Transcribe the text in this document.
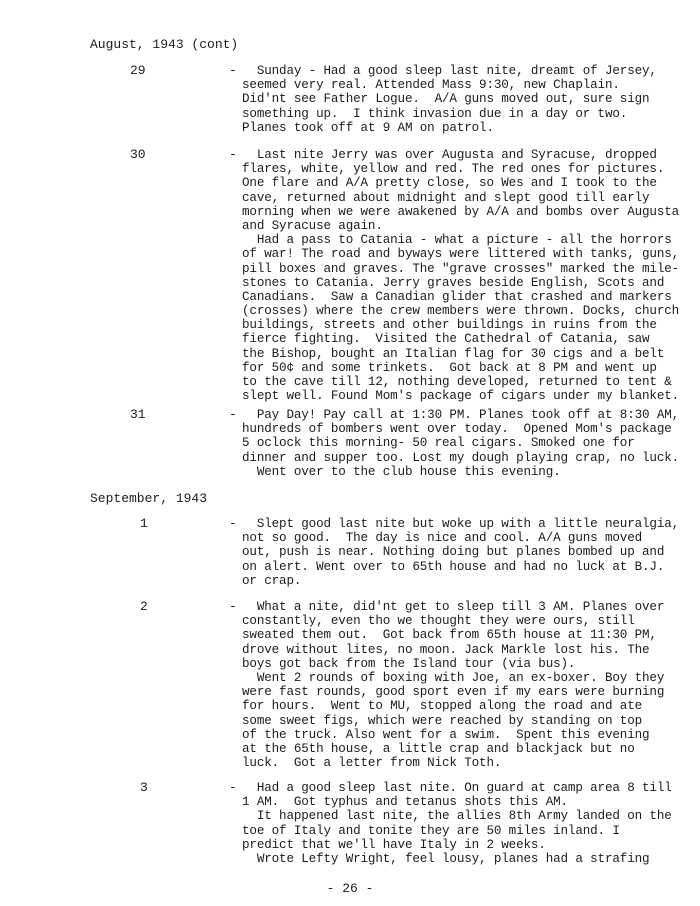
August, 1943 (cont)
29	- Sunday - Had a good sleep last nite, dreamt of Jersey,
seemed very real. Attended Mass 9:30, new Chaplain.
Did'nt see Father Logue.  A/A guns moved out, sure sign
something up.  I think invasion due in a day or two.
Planes took off at 9 AM on patrol.
30	- Last nite Jerry was over Augusta and Syracuse, dropped
flares, white, yellow and red. The red ones for pictures.
One flare and A/A pretty close, so Wes and I took to the
cave, returned about midnight and slept good till early
morning when we were awakened by A/A and bombs over Augusta
and Syracuse again.
Had a pass to Catania - what a picture - all the horrors
of war! The road and byways were littered with tanks, guns,
pill boxes and graves. The "grave crosses" marked the mile-
stones to Catania. Jerry graves beside English, Scots and
Canadians.  Saw a Canadian glider that crashed and markers
(crosses) where the crew members were thrown. Docks, church
buildings, streets and other buildings in ruins from the
fierce fighting.  Visited the Cathedral of Catania, saw
the Bishop, bought an Italian flag for 30 cigs and a belt
for 50¢ and some trinkets.  Got back at 8 PM and went up
to the cave till 12, nothing developed, returned to tent &
slept well. Found Mom's package of cigars under my blanket.
31	- Pay Day! Pay call at 1:30 PM. Planes took off at 8:30 AM,
hundreds of bombers went over today.  Opened Mom's package
5 oclock this morning- 50 real cigars. Smoked one for
dinner and supper too. Lost my dough playing crap, no luck.
Went over to the club house this evening.
September, 1943
1	- Slept good last nite but woke up with a little neuralgia,
not so good.  The day is nice and cool. A/A guns moved
out, push is near. Nothing doing but planes bombed up and
on alert. Went over to 65th house and had no luck at B.J.
or crap.
2	- What a nite, did'nt get to sleep till 3 AM. Planes over
constantly, even tho we thought they were ours, still
sweated them out.  Got back from 65th house at 11:30 PM,
drove without lites, no moon. Jack Markle lost his. The
boys got back from the Island tour (via bus).
Went 2 rounds of boxing with Joe, an ex-boxer. Boy they
were fast rounds, good sport even if my ears were burning
for hours.  Went to MU, stopped along the road and ate
some sweet figs, which were reached by standing on top
of the truck. Also went for a swim.  Spent this evening
at the 65th house, a little crap and blackjack but no
luck.  Got a letter from Nick Toth.
3	- Had a good sleep last nite. On guard at camp area 8 till
1 AM.  Got typhus and tetanus shots this AM.
It happened last nite, the allies 8th Army landed on the
toe of Italy and tonite they are 50 miles inland. I
predict that we'll have Italy in 2 weeks.
Wrote Lefty Wright, feel lousy, planes had a strafing
- 26 -
